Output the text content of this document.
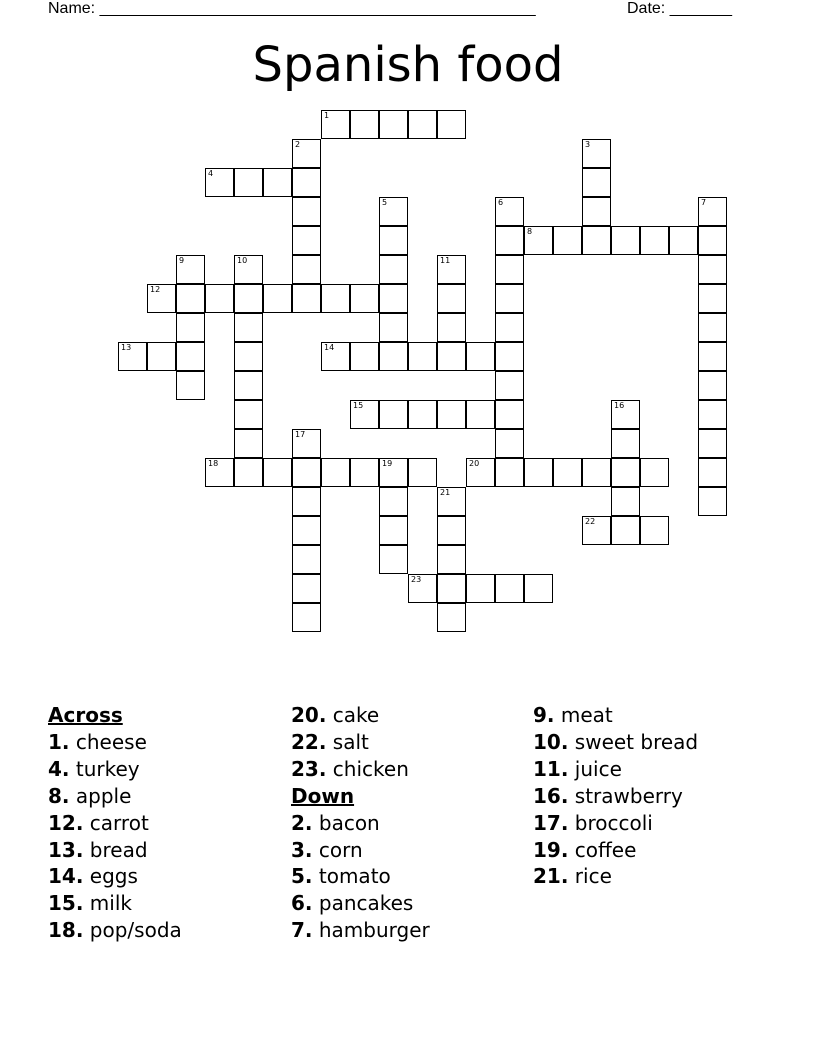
Name: _________________________________________________	Date: _______
Spanish food
1
2	3
4
5	6	7
8
9	10	11
12
13	14
15	16
17
18	19	20
21
22
23
Across
1. cheese
4. turkey
8. apple
12. carrot
13. bread
14. eggs
15. milk
18. pop/soda
20. cake
22. salt
23. chicken
Down
2. bacon
3. corn
5. tomato
6. pancakes
7. hamburger
9. meat
10. sweet bread
11. juice
16. strawberry
17. broccoli
19. coffee
21. rice
